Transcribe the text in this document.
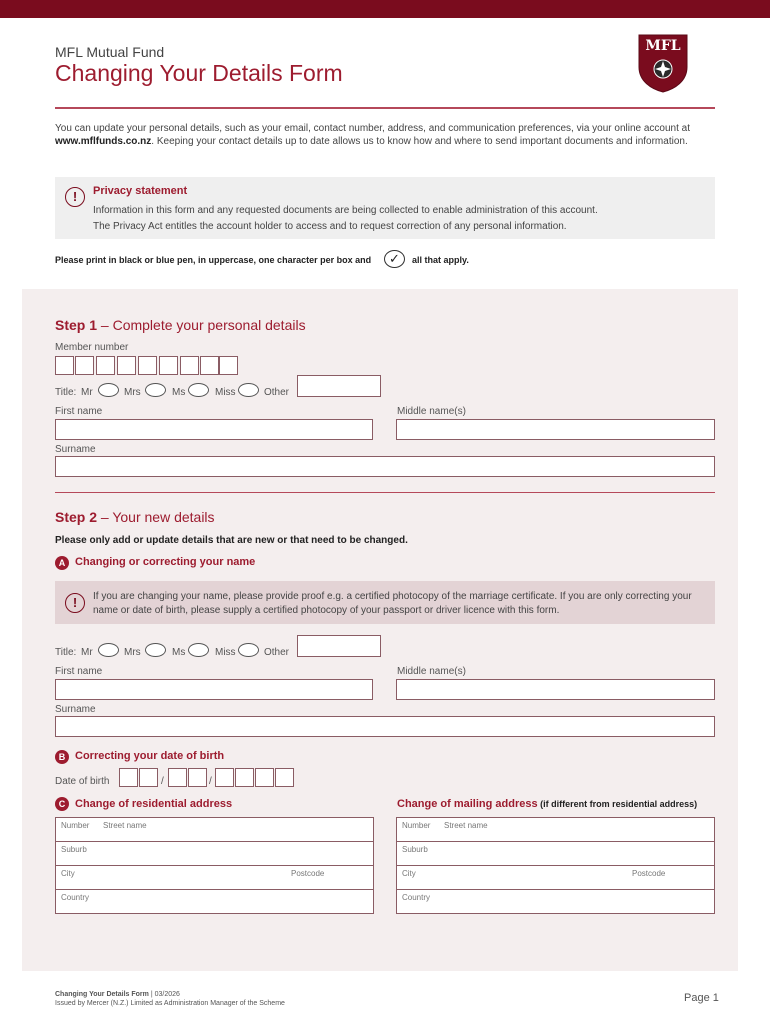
MFL Mutual Fund
Changing Your Details Form
MFL
You can update your personal details, such as your email, contact number, address, and communication preferences, via your online account at www.mflfunds.co.nz. Keeping your contact details up to date allows us to know how and where to send important documents and information.
!	Privacy statement
Information in this form and any requested documents are being collected to enable administration of this account.
The Privacy Act entitles the account holder to access and to request correction of any personal information.
Please print in black or blue pen, in uppercase, one character per box and	✓	all that apply.
Step 1 – Complete your personal details
Member number
Title: Mr	Mrs	Ms	Miss	Other
First name	Middle name(s)
Surname
Step 2 – Your new details
Please only add or update details that are new or that need to be changed.
A Changing or correcting your name
!	If you are changing your name, please provide proof e.g. a certified photocopy of the marriage certificate. If you are only correcting your name or date of birth, please supply a certified photocopy of your passport or driver licence with this form.
Title: Mr	Mrs	Ms	Miss	Other
First name	Middle name(s)
Surname
B Correcting your date of birth
Date of birth	/	/
C Change of residential address	Change of mailing address (if different from residential address)
Number Street name
Suburb
City	Postcode
Country
Number Street name
Suburb
City	Postcode
Country
Changing Your Details Form | 03/2026
Issued by Mercer (N.Z.) Limited as Administration Manager of the Scheme	Page 1
